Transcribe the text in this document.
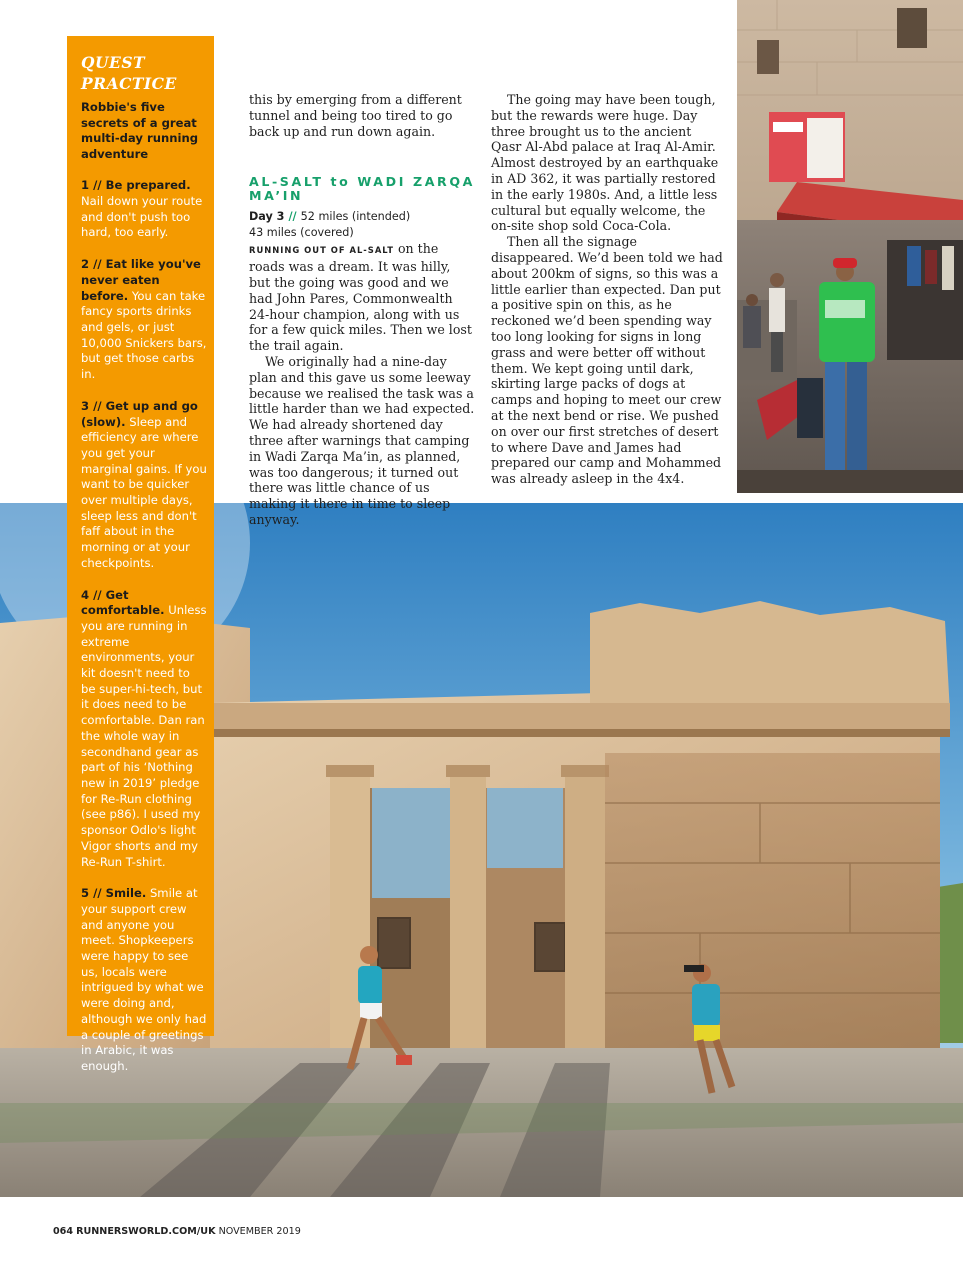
QUEST PRACTICE

Robbie's five secrets of a great multi-day running adventure

1 // Be prepared. Nail down your route and don't push too hard, too early.

2 // Eat like you've never eaten before. You can take fancy sports drinks and gels, or just 10,000 Snickers bars, but get those carbs in.

3 // Get up and go (slow). Sleep and efficiency are where you get your marginal gains. If you want to be quicker over multiple days, sleep less and don't faff about in the morning or at your checkpoints.

4 // Get comfortable. Unless you are running in extreme environments, your kit doesn't need to be super-hi-tech, but it does need to be comfortable. Dan ran the whole way in secondhand gear as part of his ‘Nothing new in 2019’ pledge for Re-Run clothing (see p86). I used my sponsor Odlo's light Vigor shorts and my Re-Run T-shirt.

5 // Smile. Smile at your support crew and anyone you meet. Shopkeepers were happy to see us, locals were intrigued by what we were doing and, although we only had a couple of greetings in Arabic, it was enough.

this by emerging from a different tunnel and being too tired to go back up and run down again.

AL-SALT to WADI ZARQA MA’IN
Day 3 // 52 miles (intended)
43 miles (covered)

RUNNING OUT OF AL-SALT on the roads was a dream. It was hilly, but the going was good and we had John Pares, Commonwealth 24-hour champion, along with us for a few quick miles. Then we lost the trail again.

We originally had a nine-day plan and this gave us some leeway because we realised the task was a little harder than we had expected. We had already shortened day three after warnings that camping in Wadi Zarqa Ma’in, as planned, was too dangerous; it turned out there was little chance of us making it there in time to sleep anyway.

The going may have been tough, but the rewards were huge. Day three brought us to the ancient Qasr Al-Abd palace at Iraq Al-Amir. Almost destroyed by an earthquake in AD 362, it was partially restored in the early 1980s. And, a little less cultural but equally welcome, the on-site shop sold Coca-Cola.

Then all the signage disappeared. We’d been told we had about 200km of signs, so this was a little earlier than expected. Dan put a positive spin on this, as he reckoned we’d been spending way too long looking for signs in long grass and were better off without them. We kept going until dark, skirting large packs of dogs at camps and hoping to meet our crew at the next bend or rise. We pushed on over our first stretches of desert to where Dave and James had prepared our camp and Mohammed was already asleep in the 4x4.

064 RUNNERSWORLD.COM/UK NOVEMBER 2019
